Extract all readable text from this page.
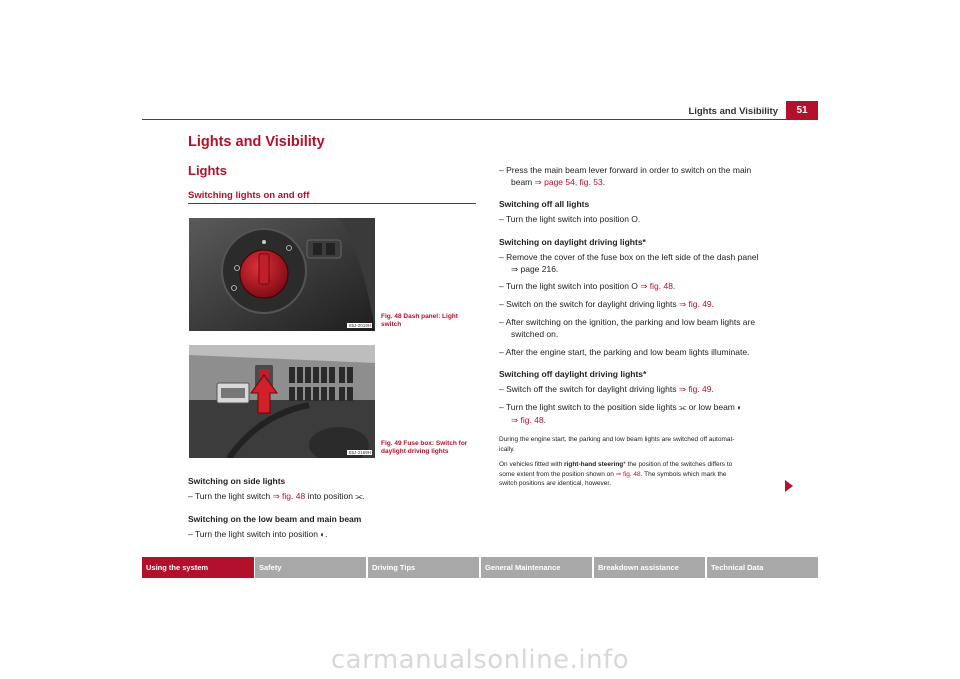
Lights and Visibility	51
Lights and Visibility
Lights
Switching lights on and off
S5J-2019H
Fig. 48 Dash panel: Light switch
S5J-2169H
Fig. 49 Fuse box: Switch for daylight driving lights
Switching on side lights
– Turn the light switch ⇒ fig. 48 into position ⫘.
Switching on the low beam and main beam
– Turn the light switch into position ◐.
– Press the main beam lever forward in order to switch on the main
beam ⇒ page 54, fig. 53.
Switching off all lights
– Turn the light switch into position O.
Switching on daylight driving lights*
– Remove the cover of the fuse box on the left side of the dash panel
⇒ page 216.
– Turn the light switch into position O ⇒ fig. 48.
– Switch on the switch for daylight driving lights ⇒ fig. 49.
– After switching on the ignition, the parking and low beam lights are
switched on.
– After the engine start, the parking and low beam lights illuminate.
Switching off daylight driving lights*
– Switch off the switch for daylight driving lights ⇒ fig. 49.
– Turn the light switch to the position side lights ⫘ or low beam ◐
⇒ fig. 48.
During the engine start, the parking and low beam lights are switched off automat-
ically.
On vehicles fitted with right-hand steering* the position of the switches differs to
some extent from the position shown on ⇒ fig. 48. The symbols which mark the
switch positions are identical, however.
Using the system	Safety	Driving Tips	General Maintenance	Breakdown assistance	Technical Data
carmanualsonline.info
